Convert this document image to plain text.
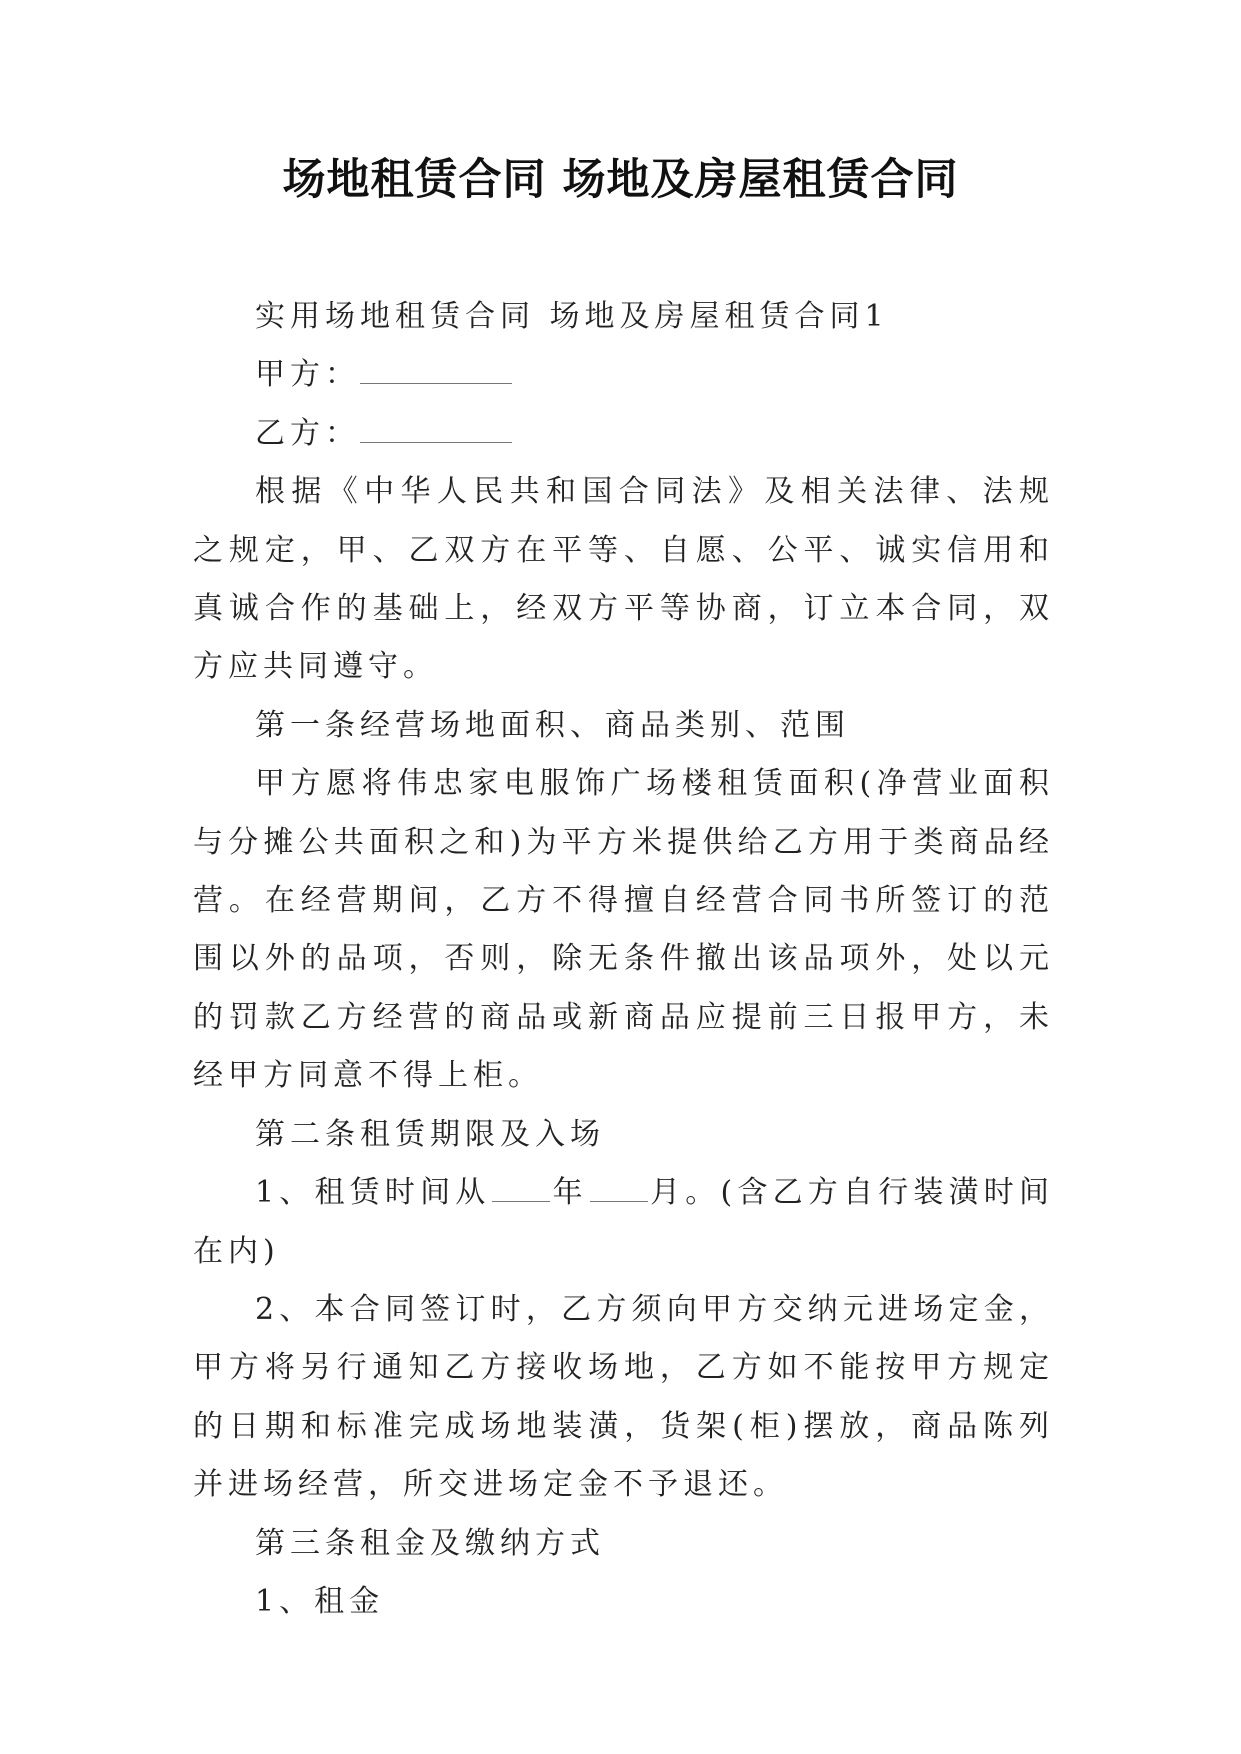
场地租赁合同 场地及房屋租赁合同

实用场地租赁合同 场地及房屋租赁合同1

甲方：

乙方：

根据《中华人民共和国合同法》及相关法律、法规之规定，甲、乙双方在平等、自愿、公平、诚实信用和真诚合作的基础上，经双方平等协商，订立本合同，双方应共同遵守。

第一条经营场地面积、商品类别、范围

甲方愿将伟忠家电服饰广场楼租赁面积(净营业面积与分摊公共面积之和)为平方米提供给乙方用于类商品经营。在经营期间，乙方不得擅自经营合同书所签订的范围以外的品项，否则，除无条件撤出该品项外，处以元的罚款乙方经营的商品或新商品应提前三日报甲方，未经甲方同意不得上柜。

第二条租赁期限及入场

1、租赁时间从 年 月。(含乙方自行装潢时间在内)

2、本合同签订时，乙方须向甲方交纳元进场定金，甲方将另行通知乙方接收场地，乙方如不能按甲方规定的日期和标准完成场地装潢，货架(柜)摆放，商品陈列并进场经营，所交进场定金不予退还。

第三条租金及缴纳方式

1、租金
